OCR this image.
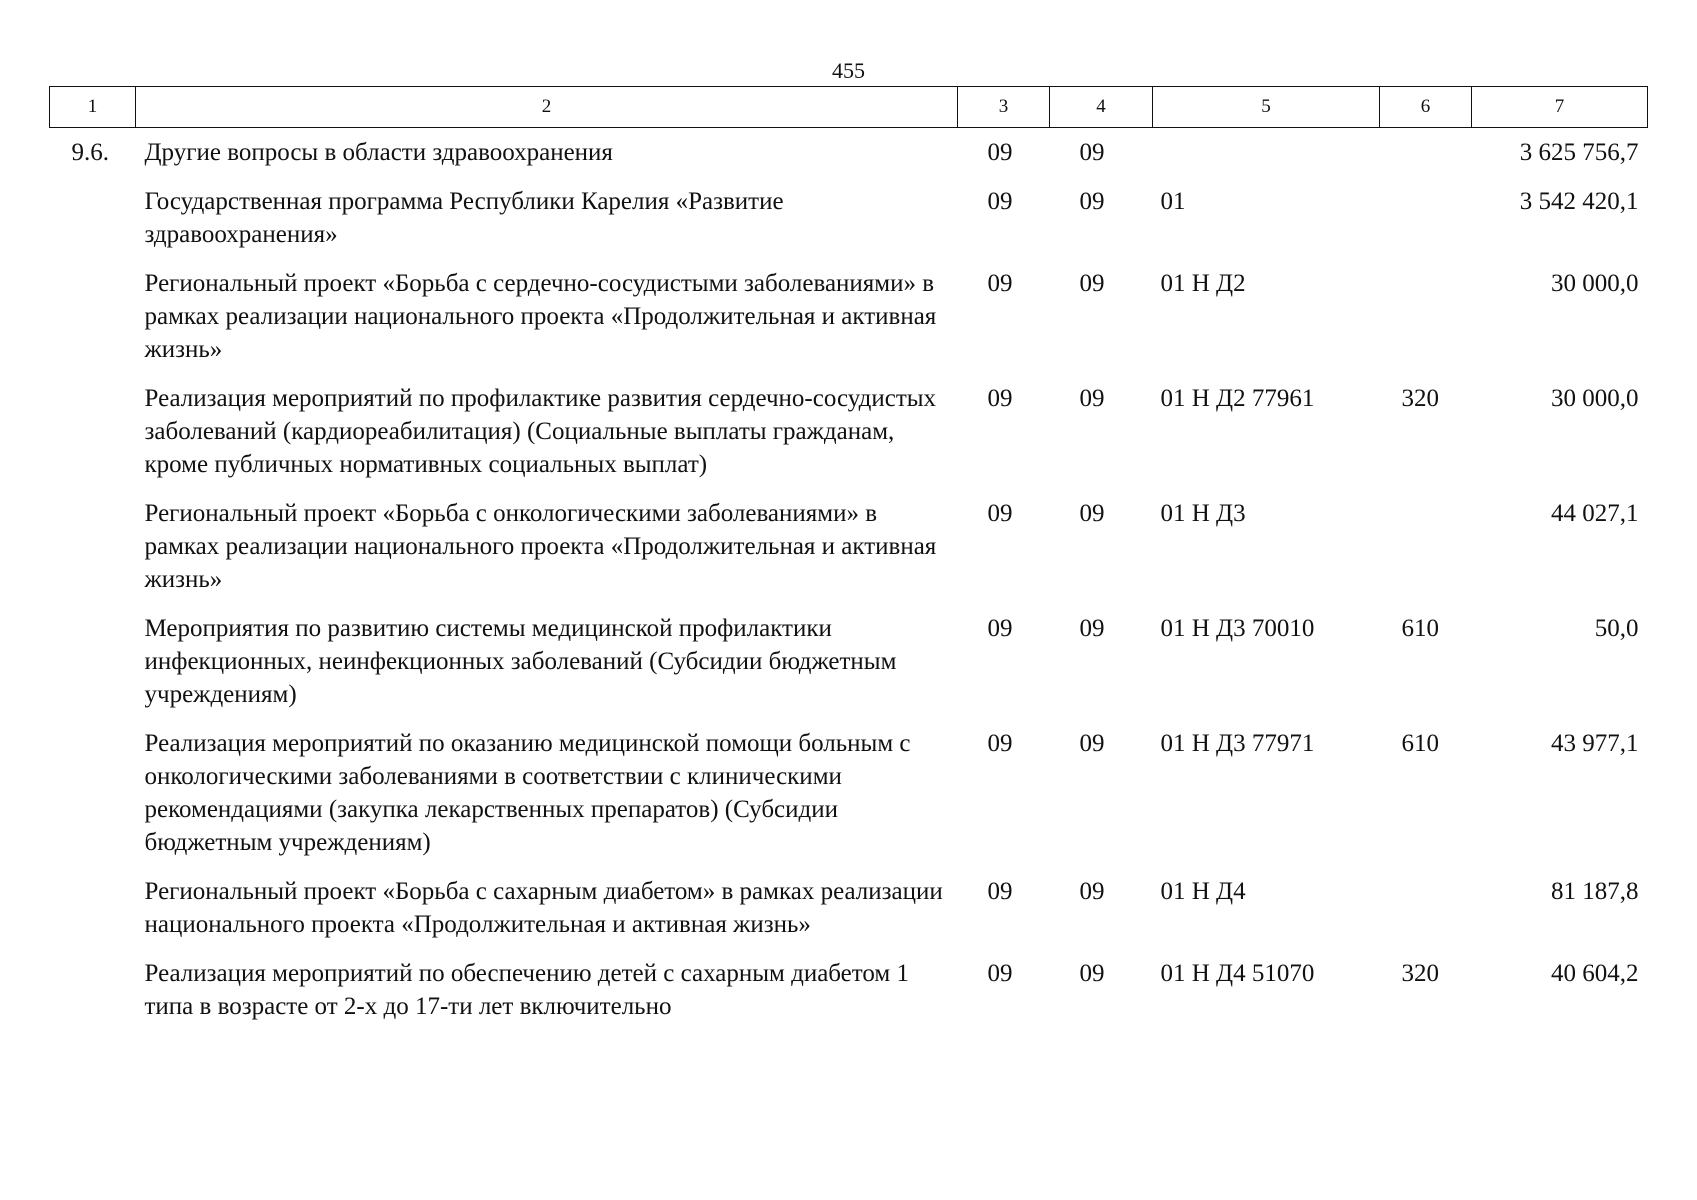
455
1	2	3	4	5	6	7
9.6.	Другие вопросы в области здравоохранения	09	09			3 625 756,7
	Государственная программа Республики Карелия «Развитие здравоохранения»	09	09	01		3 542 420,1
	Региональный проект «Борьба с сердечно-сосудистыми заболеваниями» в рамках реализации национального проекта «Продолжительная и активная жизнь»	09	09	01 Н Д2		30 000,0
	Реализация мероприятий по профилактике развития сердечно-сосудистых заболеваний (кардиореабилитация) (Социальные выплаты гражданам, кроме публичных нормативных социальных выплат)	09	09	01 Н Д2 77961	320	30 000,0
	Региональный проект «Борьба с онкологическими заболеваниями» в рамках реализации национального проекта «Продолжительная и активная жизнь»	09	09	01 Н Д3		44 027,1
	Мероприятия по развитию системы медицинской профилактики инфекционных, неинфекционных заболеваний (Субсидии бюджетным учреждениям)	09	09	01 Н Д3 70010	610	50,0
	Реализация мероприятий по оказанию медицинской помощи больным с онкологическими заболеваниями в соответствии с клиническими рекомендациями (закупка лекарственных препаратов) (Субсидии бюджетным учреждениям)	09	09	01 Н Д3 77971	610	43 977,1
	Региональный проект «Борьба с сахарным диабетом» в рамках реализации национального проекта «Продолжительная и активная жизнь»	09	09	01 Н Д4		81 187,8
	Реализация мероприятий по обеспечению детей с сахарным диабетом 1 типа в возрасте от 2-х до 17-ти лет включительно	09	09	01 Н Д4 51070	320	40 604,2
